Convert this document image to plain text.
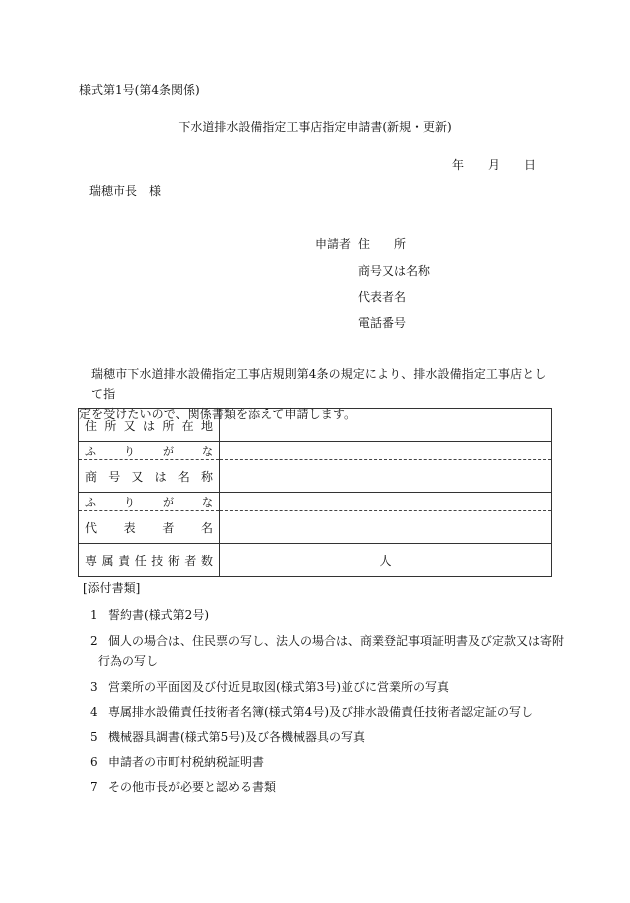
様式第1号(第4条関係)
下水道排水設備指定工事店指定申請書(新規・更新)
年 月 日
瑞穂市長　様
申請者 住　　所
商号又は名称
代表者名
電話番号
瑞穂市下水道排水設備指定工事店規則第4条の規定により、排水設備指定工事店として指
定を受けたいので、関係書類を添えて申請します。
住所又は所在地	
ふりがな	
商号又は名称	
ふりがな	
代表者名	
専属責任技術者数	人
[添付書類]
1 誓約書(様式第2号)
2 個人の場合は、住民票の写し、法人の場合は、商業登記事項証明書及び定款又は寄附
行為の写し
3 営業所の平面図及び付近見取図(様式第3号)並びに営業所の写真
4 専属排水設備責任技術者名簿(様式第4号)及び排水設備責任技術者認定証の写し
5 機械器具調書(様式第5号)及び各機械器具の写真
6 申請者の市町村税納税証明書
7 その他市長が必要と認める書類
